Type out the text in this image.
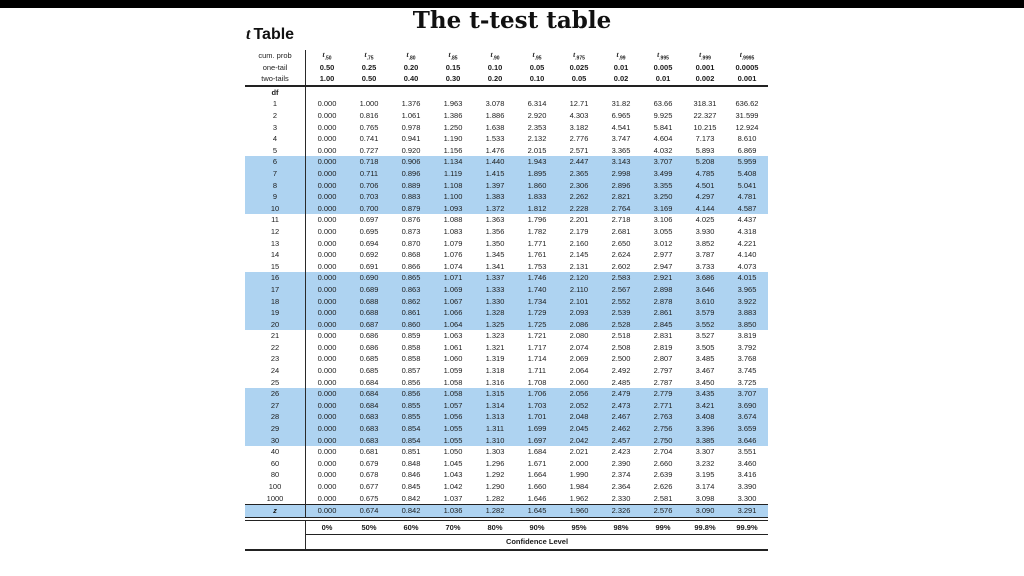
The t-test table
t Table
cum. prob	$t_{.50}$	$t_{.75}$	$t_{.80}$	$t_{.85}$	$t_{.90}$	$t_{.95}$	$t_{.975}$	$t_{.99}$	$t_{.995}$	$t_{.999}$	$t_{.9995}$
one-tail	0.50	0.25	0.20	0.15	0.10	0.05	0.025	0.01	0.005	0.001	0.0005
two-tails	1.00	0.50	0.40	0.30	0.20	0.10	0.05	0.02	0.01	0.002	0.001
df											
1	0.000	1.000	1.376	1.963	3.078	6.314	12.71	31.82	63.66	318.31	636.62
2	0.000	0.816	1.061	1.386	1.886	2.920	4.303	6.965	9.925	22.327	31.599
3	0.000	0.765	0.978	1.250	1.638	2.353	3.182	4.541	5.841	10.215	12.924
4	0.000	0.741	0.941	1.190	1.533	2.132	2.776	3.747	4.604	7.173	8.610
5	0.000	0.727	0.920	1.156	1.476	2.015	2.571	3.365	4.032	5.893	6.869
6	0.000	0.718	0.906	1.134	1.440	1.943	2.447	3.143	3.707	5.208	5.959
7	0.000	0.711	0.896	1.119	1.415	1.895	2.365	2.998	3.499	4.785	5.408
8	0.000	0.706	0.889	1.108	1.397	1.860	2.306	2.896	3.355	4.501	5.041
9	0.000	0.703	0.883	1.100	1.383	1.833	2.262	2.821	3.250	4.297	4.781
10	0.000	0.700	0.879	1.093	1.372	1.812	2.228	2.764	3.169	4.144	4.587
11	0.000	0.697	0.876	1.088	1.363	1.796	2.201	2.718	3.106	4.025	4.437
12	0.000	0.695	0.873	1.083	1.356	1.782	2.179	2.681	3.055	3.930	4.318
13	0.000	0.694	0.870	1.079	1.350	1.771	2.160	2.650	3.012	3.852	4.221
14	0.000	0.692	0.868	1.076	1.345	1.761	2.145	2.624	2.977	3.787	4.140
15	0.000	0.691	0.866	1.074	1.341	1.753	2.131	2.602	2.947	3.733	4.073
16	0.000	0.690	0.865	1.071	1.337	1.746	2.120	2.583	2.921	3.686	4.015
17	0.000	0.689	0.863	1.069	1.333	1.740	2.110	2.567	2.898	3.646	3.965
18	0.000	0.688	0.862	1.067	1.330	1.734	2.101	2.552	2.878	3.610	3.922
19	0.000	0.688	0.861	1.066	1.328	1.729	2.093	2.539	2.861	3.579	3.883
20	0.000	0.687	0.860	1.064	1.325	1.725	2.086	2.528	2.845	3.552	3.850
21	0.000	0.686	0.859	1.063	1.323	1.721	2.080	2.518	2.831	3.527	3.819
22	0.000	0.686	0.858	1.061	1.321	1.717	2.074	2.508	2.819	3.505	3.792
23	0.000	0.685	0.858	1.060	1.319	1.714	2.069	2.500	2.807	3.485	3.768
24	0.000	0.685	0.857	1.059	1.318	1.711	2.064	2.492	2.797	3.467	3.745
25	0.000	0.684	0.856	1.058	1.316	1.708	2.060	2.485	2.787	3.450	3.725
26	0.000	0.684	0.856	1.058	1.315	1.706	2.056	2.479	2.779	3.435	3.707
27	0.000	0.684	0.855	1.057	1.314	1.703	2.052	2.473	2.771	3.421	3.690
28	0.000	0.683	0.855	1.056	1.313	1.701	2.048	2.467	2.763	3.408	3.674
29	0.000	0.683	0.854	1.055	1.311	1.699	2.045	2.462	2.756	3.396	3.659
30	0.000	0.683	0.854	1.055	1.310	1.697	2.042	2.457	2.750	3.385	3.646
40	0.000	0.681	0.851	1.050	1.303	1.684	2.021	2.423	2.704	3.307	3.551
60	0.000	0.679	0.848	1.045	1.296	1.671	2.000	2.390	2.660	3.232	3.460
80	0.000	0.678	0.846	1.043	1.292	1.664	1.990	2.374	2.639	3.195	3.416
100	0.000	0.677	0.845	1.042	1.290	1.660	1.984	2.364	2.626	3.174	3.390
1000	0.000	0.675	0.842	1.037	1.282	1.646	1.962	2.330	2.581	3.098	3.300
z	0.000	0.674	0.842	1.036	1.282	1.645	1.960	2.326	2.576	3.090	3.291

	0%	50%	60%	70%	80%	90%	95%	98%	99%	99.8%	99.9%
	Confidence Level										
